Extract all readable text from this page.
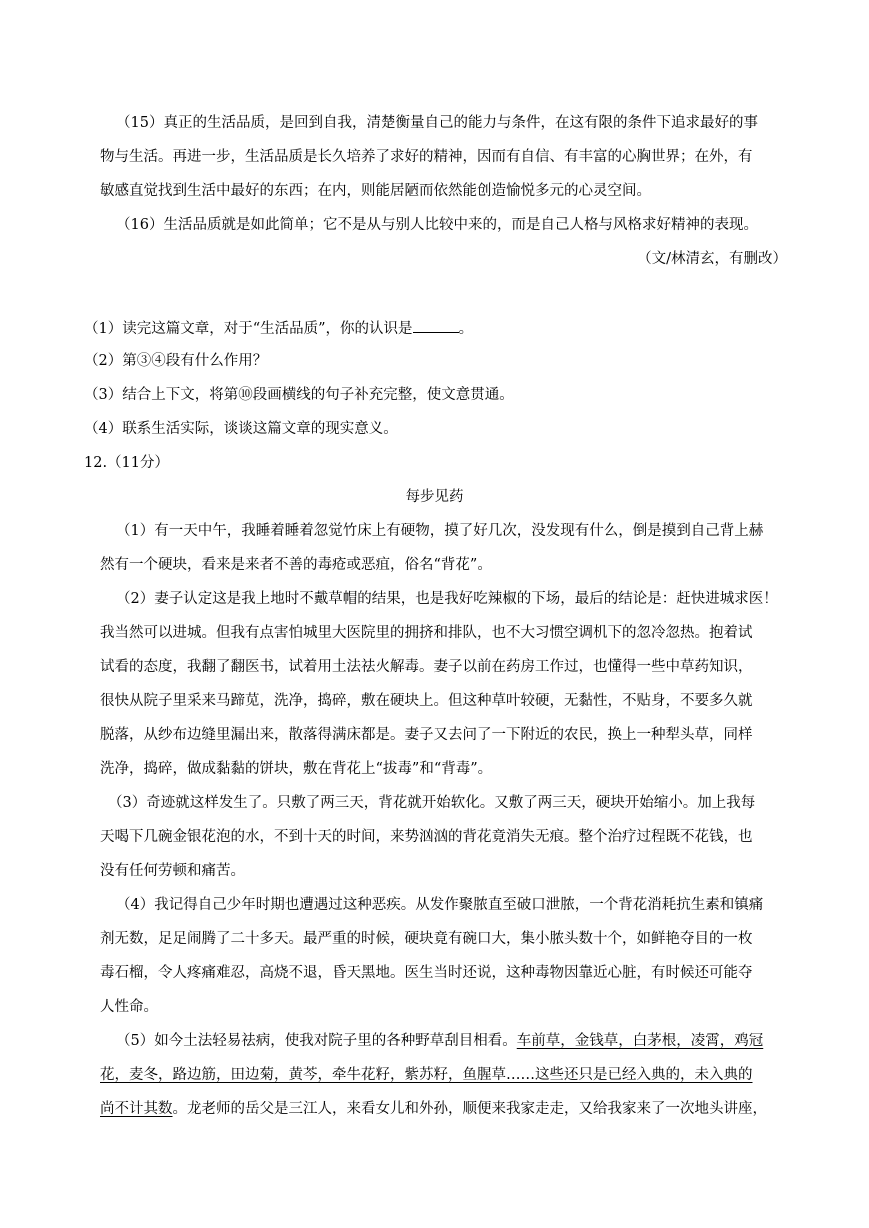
（15）真正的生活品质，是回到自我，清楚衡量自己的能力与条件，在这有限的条件下追求最好的事
物与生活。再进一步，生活品质是长久培养了求好的精神，因而有自信、有丰富的心胸世界；在外，有
敏感直觉找到生活中最好的东西；在内，则能居陋而依然能创造愉悦多元的心灵空间。
（16）生活品质就是如此简单；它不是从与别人比较中来的，而是自己人格与风格求好精神的表现。
（文/林清玄，有删改）
（1）读完这篇文章，对于“生活品质”，你的认识是	。
（2）第③④段有什么作用？
（3）结合上下文，将第⑩段画横线的句子补充完整，使文意贯通。
（4）联系生活实际，谈谈这篇文章的现实意义。
12.（11分）
每步见药
（1）有一天中午，我睡着睡着忽觉竹床上有硬物，摸了好几次，没发现有什么，倒是摸到自己背上赫
然有一个硬块，看来是来者不善的毒疮或恶疽，俗名“背花”。
（2）妻子认定这是我上地时不戴草帽的结果，也是我好吃辣椒的下场，最后的结论是：赶快进城求医！
我当然可以进城。但我有点害怕城里大医院里的拥挤和排队，也不大习惯空调机下的忽冷忽热。抱着试
试看的态度，我翻了翻医书，试着用土法祛火解毒。妻子以前在药房工作过，也懂得一些中草药知识，
很快从院子里采来马蹄苋，洗净，捣碎，敷在硬块上。但这种草叶较硬，无黏性，不贴身，不要多久就
脱落，从纱布边缝里漏出来，散落得满床都是。妻子又去问了一下附近的农民，换上一种犁头草，同样
洗净，捣碎，做成黏黏的饼块，敷在背花上“拔毒”和“背毒”。
（3）奇迹就这样发生了。只敷了两三天，背花就开始软化。又敷了两三天，硬块开始缩小。加上我每
天喝下几碗金银花泡的水，不到十天的时间，来势汹汹的背花竟消失无痕。整个治疗过程既不花钱，也
没有任何劳顿和痛苦。
（4）我记得自己少年时期也遭遇过这种恶疾。从发作聚脓直至破口泄脓，一个背花消耗抗生素和镇痛
剂无数，足足闹腾了二十多天。最严重的时候，硬块竟有碗口大，集小脓头数十个，如鲜艳夺目的一枚
毒石榴，令人疼痛难忍，高烧不退，昏天黑地。医生当时还说，这种毒物因靠近心脏，有时候还可能夺
人性命。
（5）如今土法轻易祛病，使我对院子里的各种野草刮目相看。车前草，金钱草，白茅根，凌霄，鸡冠
花，麦冬，路边筋，田边菊，黄芩，牵牛花籽，紫苏籽，鱼腥草……这些还只是已经入典的，未入典的
尚不计其数。龙老师的岳父是三江人，来看女儿和外孙，顺便来我家走走，又给我家来了一次地头讲座，
